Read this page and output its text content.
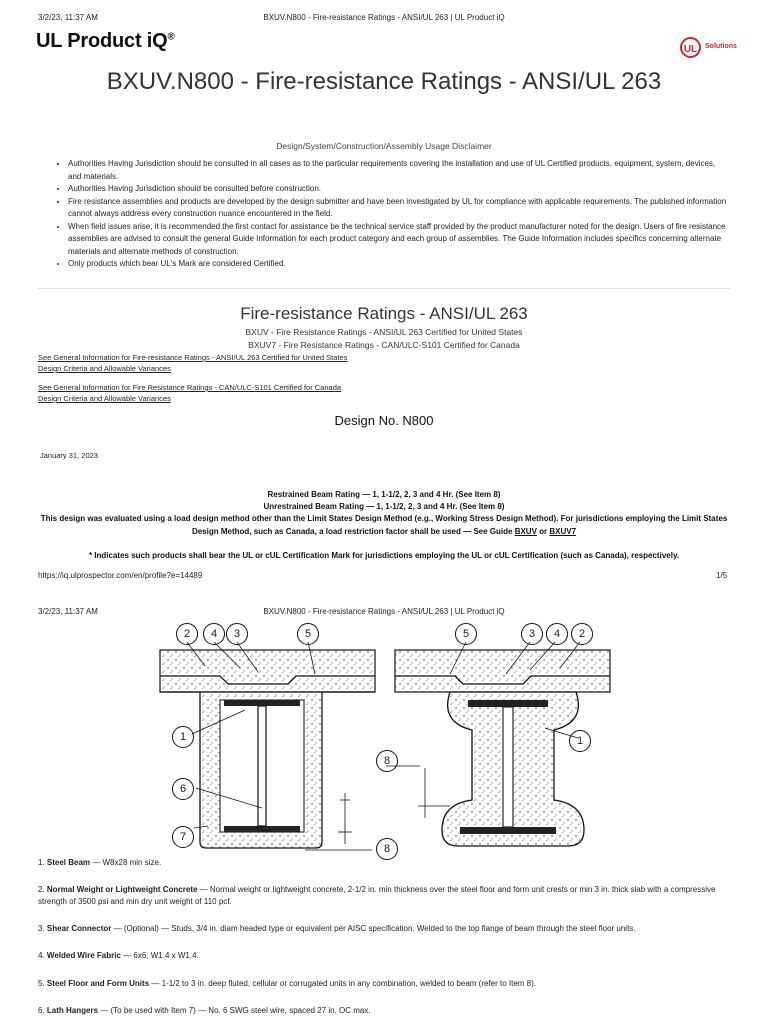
3/2/23, 11:37 AM	BXUV.N800 - Fire-resistance Ratings - ANSI/UL 263 | UL Product iQ
UL Product iQ®
UL	Solutions
BXUV.N800 - Fire-resistance Ratings - ANSI/UL 263
Design/System/Construction/Assembly Usage Disclaimer
• Authorities Having Jurisdiction should be consulted in all cases as to the particular requirements covering the installation and use of UL Certified products, equipment, system, devices, and materials.
• Authorities Having Jurisdiction should be consulted before construction.
• Fire resistance assemblies and products are developed by the design submitter and have been investigated by UL for compliance with applicable requirements. The published information cannot always address every construction nuance encountered in the field.
• When field issues arise, it is recommended the first contact for assistance be the technical service staff provided by the product manufacturer noted for the design. Users of fire resistance assemblies are advised to consult the general Guide Information for each product category and each group of assemblies. The Guide Information includes specifics concerning alternate materials and alternate methods of construction.
• Only products which bear UL's Mark are considered Certified.
Fire-resistance Ratings - ANSI/UL 263
BXUV - Fire Resistance Ratings - ANSI/UL 263 Certified for United States
BXUV7 - Fire Resistance Ratings - CAN/ULC-S101 Certified for Canada
See General Information for Fire-resistance Ratings - ANSI/UL 263 Certified for United States
Design Criteria and Allowable Variances
See General Information for Fire Resistance Ratings - CAN/ULC-S101 Certified for Canada
Design Criteria and Allowable Variances
Design No. N800
January 31, 2023
Restrained Beam Rating — 1, 1-1/2, 2, 3 and 4 Hr. (See Item 8)
Unrestrained Beam Rating — 1, 1-1/2, 2, 3 and 4 Hr. (See Item 8)
This design was evaluated using a load design method other than the Limit States Design Method (e.g., Working Stress Design Method). For jurisdictions employing the Limit States Design Method, such as Canada, a load restriction factor shall be used — See Guide BXUV or BXUV7
* Indicates such products shall bear the UL or cUL Certification Mark for jurisdictions employing the UL or cUL Certification (such as Canada), respectively.
https://iq.ulprospector.com/en/profile?e=14489	1/5
3/2/23, 11:37 AM	BXUV.N800 - Fire-resistance Ratings - ANSI/UL 263 | UL Product iQ
2	4	3	5
1
6
7
5	3	4	2
1
8
8
1. Steel Beam — W8x28 min size.
2. Normal Weight or Lightweight Concrete — Normal weight or lightweight concrete, 2-1/2 in. min thickness over the steel floor and form unit crests or min 3 in. thick slab with a compressive strength of 3500 psi and min dry unit weight of 110 pcf.
3. Shear Connector — (Optional) — Studs, 3/4 in. diam headed type or equivalent per AISC specification. Welded to the top flange of beam through the steel floor units.
4. Welded Wire Fabric — 6x6, W1.4 x W1.4.
5. Steel Floor and Form Units — 1-1/2 to 3 in. deep fluted, cellular or corrugated units in any combination, welded to beam (refer to Item 8).
6. Lath Hangers — (To be used with Item 7) — No. 6 SWG steel wire, spaced 27 in. OC max.
